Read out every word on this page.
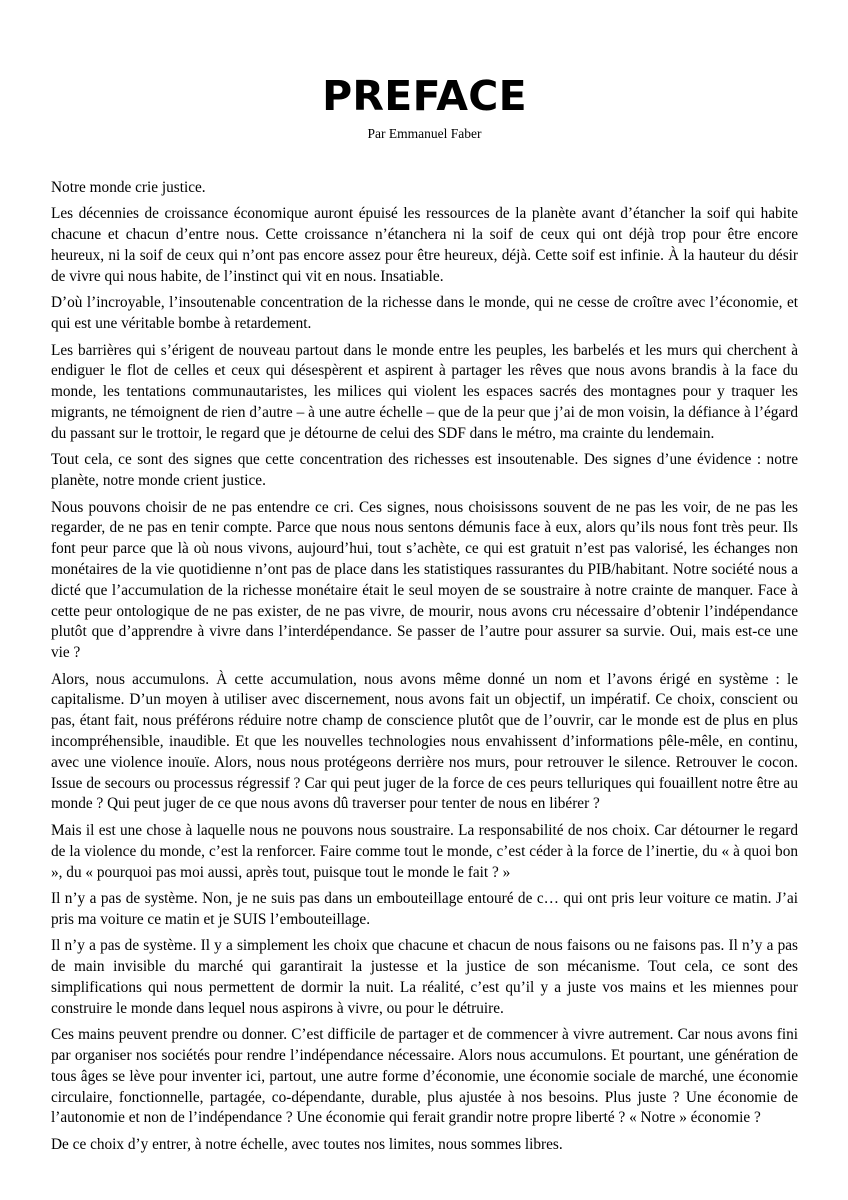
PREFACE
Par Emmanuel Faber

Notre monde crie justice.

Les décennies de croissance économique auront épuisé les ressources de la planète avant d’étancher la soif qui habite chacune et chacun d’entre nous. Cette croissance n’étanchera ni la soif de ceux qui ont déjà trop pour être encore heureux, ni la soif de ceux qui n’ont pas encore assez pour être heureux, déjà. Cette soif est infinie. À la hauteur du désir de vivre qui nous habite, de l’instinct qui vit en nous. Insatiable.

D’où l’incroyable, l’insoutenable concentration de la richesse dans le monde, qui ne cesse de croître avec l’économie, et qui est une véritable bombe à retardement.

Les barrières qui s’érigent de nouveau partout dans le monde entre les peuples, les barbelés et les murs qui cherchent à endiguer le flot de celles et ceux qui désespèrent et aspirent à partager les rêves que nous avons brandis à la face du monde, les tentations communautaristes, les milices qui violent les espaces sacrés des montagnes pour y traquer les migrants, ne témoignent de rien d’autre – à une autre échelle – que de la peur que j’ai de mon voisin, la défiance à l’égard du passant sur le trottoir, le regard que je détourne de celui des SDF dans le métro, ma crainte du lendemain.

Tout cela, ce sont des signes que cette concentration des richesses est insoutenable. Des signes d’une évidence : notre planète, notre monde crient justice.

Nous pouvons choisir de ne pas entendre ce cri. Ces signes, nous choisissons souvent de ne pas les voir, de ne pas les regarder, de ne pas en tenir compte. Parce que nous nous sentons démunis face à eux, alors qu’ils nous font très peur. Ils font peur parce que là où nous vivons, aujourd’hui, tout s’achète, ce qui est gratuit n’est pas valorisé, les échanges non monétaires de la vie quotidienne n’ont pas de place dans les statistiques rassurantes du PIB/habitant. Notre société nous a dicté que l’accumulation de la richesse monétaire était le seul moyen de se soustraire à notre crainte de manquer. Face à cette peur ontologique de ne pas exister, de ne pas vivre, de mourir, nous avons cru nécessaire d’obtenir l’indépendance plutôt que d’apprendre à vivre dans l’interdépendance. Se passer de l’autre pour assurer sa survie. Oui, mais est-ce une vie ?

Alors, nous accumulons. À cette accumulation, nous avons même donné un nom et l’avons érigé en système : le capitalisme. D’un moyen à utiliser avec discernement, nous avons fait un objectif, un impératif. Ce choix, conscient ou pas, étant fait, nous préférons réduire notre champ de conscience plutôt que de l’ouvrir, car le monde est de plus en plus incompréhensible, inaudible. Et que les nouvelles technologies nous envahissent d’informations pêle-mêle, en continu, avec une violence inouïe. Alors, nous nous protégeons derrière nos murs, pour retrouver le silence. Retrouver le cocon. Issue de secours ou processus régressif ? Car qui peut juger de la force de ces peurs telluriques qui fouaillent notre être au monde ? Qui peut juger de ce que nous avons dû traverser pour tenter de nous en libérer ?

Mais il est une chose à laquelle nous ne pouvons nous soustraire. La responsabilité de nos choix. Car détourner le regard de la violence du monde, c’est la renforcer. Faire comme tout le monde, c’est céder à la force de l’inertie, du « à quoi bon », du « pourquoi pas moi aussi, après tout, puisque tout le monde le fait ? »

Il n’y a pas de système. Non, je ne suis pas dans un embouteillage entouré de c… qui ont pris leur voiture ce matin. J’ai pris ma voiture ce matin et je SUIS l’embouteillage.

Il n’y a pas de système. Il y a simplement les choix que chacune et chacun de nous faisons ou ne faisons pas. Il n’y a pas de main invisible du marché qui garantirait la justesse et la justice de son mécanisme. Tout cela, ce sont des simplifications qui nous permettent de dormir la nuit. La réalité, c’est qu’il y a juste vos mains et les miennes pour construire le monde dans lequel nous aspirons à vivre, ou pour le détruire.

Ces mains peuvent prendre ou donner. C’est difficile de partager et de commencer à vivre autrement. Car nous avons fini par organiser nos sociétés pour rendre l’indépendance nécessaire. Alors nous accumulons. Et pourtant, une génération de tous âges se lève pour inventer ici, partout, une autre forme d’économie, une économie sociale de marché, une économie circulaire, fonctionnelle, partagée, co-dépendante, durable, plus ajustée à nos besoins. Plus juste ? Une économie de l’autonomie et non de l’indépendance ? Une économie qui ferait grandir notre propre liberté ? « Notre » économie ?

De ce choix d’y entrer, à notre échelle, avec toutes nos limites, nous sommes libres.
